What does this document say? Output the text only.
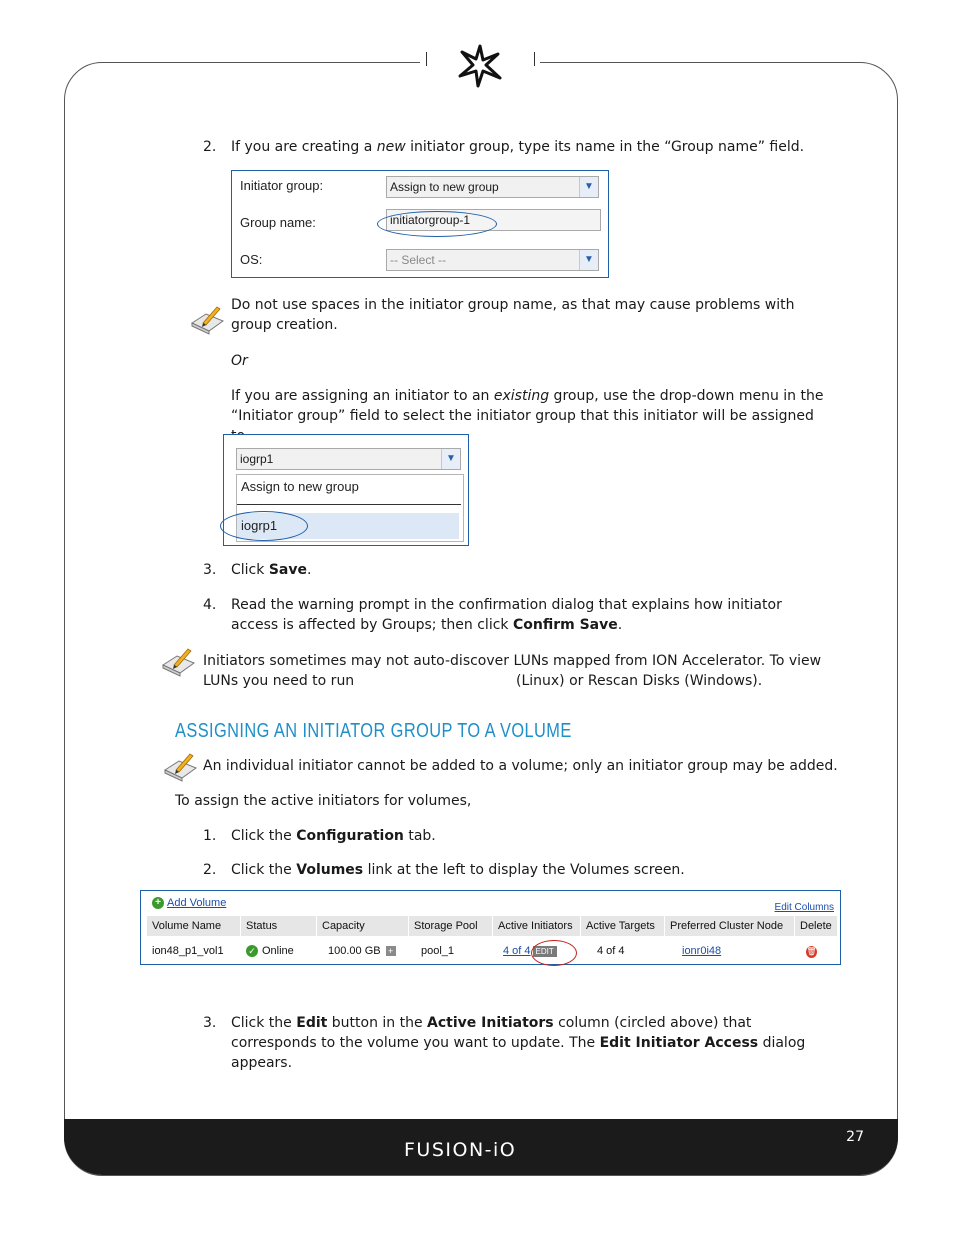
2. If you are creating a new initiator group, type its name in the “Group name” field.
Initiator group:	Assign to new group	▼
Group name:	initiatorgroup-1
OS:	-- Select --	▼
Do not use spaces in the initiator group name, as that may cause problems with group creation.
Or
If you are assigning an initiator to an existing group, use the drop-down menu in the “Initiator group” field to select the initiator group that this initiator will be assigned
iogrp1	▼
Assign to new group
iogrp1
3. Click Save.
4. Read the warning prompt in the confirmation dialog that explains how initiator access is affected by Groups; then click Confirm Save.
Initiators sometimes may not auto-discover LUNs mapped from ION Accelerator. To view
LUNs you need to run	(Linux) or Rescan Disks (Windows).
ASSIGNING AN INITIATOR GROUP TO A VOLUME
An individual initiator cannot be added to a volume; only an initiator group may be added.
To assign the active initiators for volumes,
1. Click the Configuration tab.
2. Click the Volumes link at the left to display the Volumes screen.
+ Add Volume	Edit Columns
Volume Name	Status	Capacity	Storage Pool	Active Initiators	Active Targets	Preferred Cluster Node	Delete
ion48_p1_vol1	✓ Online	100.00 GB +	pool_1	4 of 4 EDIT	4 of 4	ionr0i48	🗑
3. Click the Edit button in the Active Initiators column (circled above) that corresponds to the volume you want to update. The Edit Initiator Access dialog appears.
27
FUSION-iO
